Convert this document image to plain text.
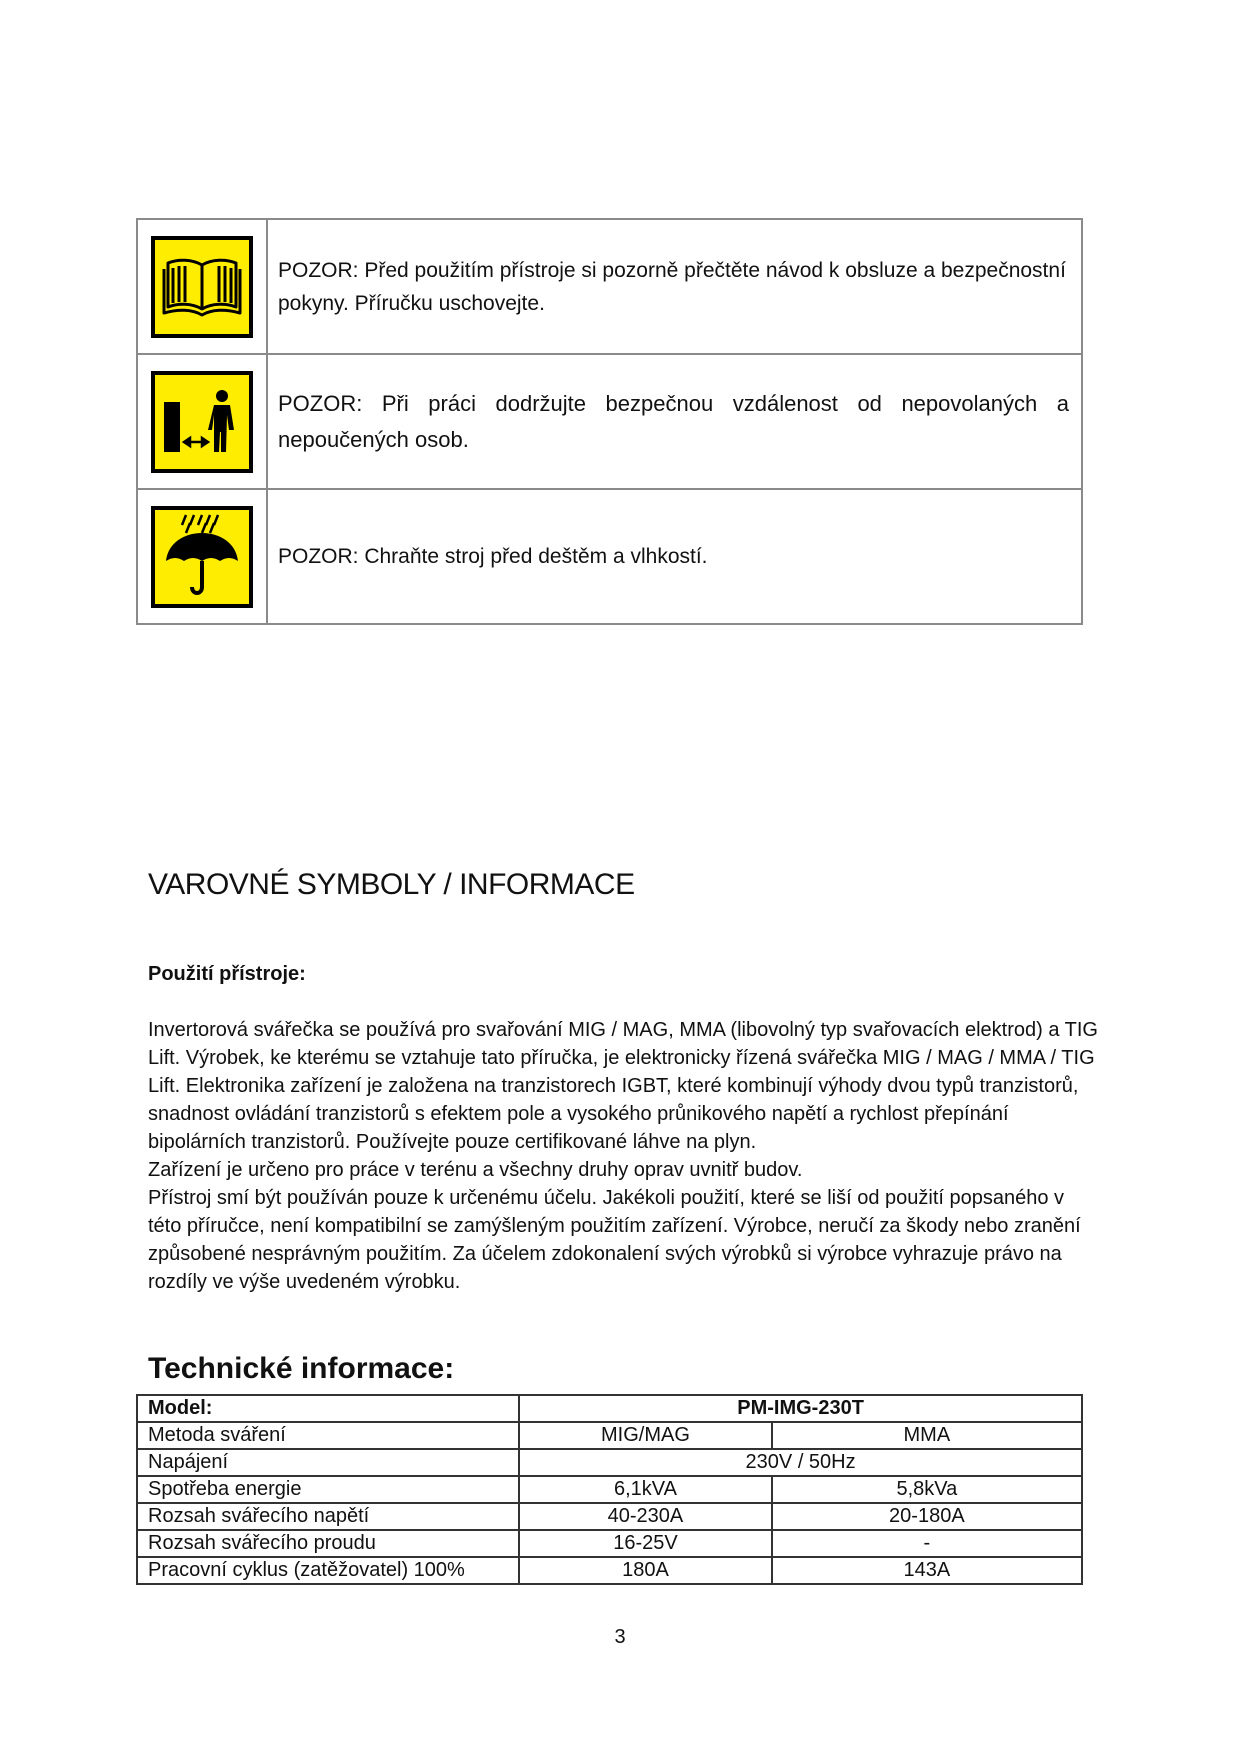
	POZOR: Před použitím přístroje si pozorně přečtěte návod k obsluze a bezpečnostní pokyny. Příručku uschovejte.

	POZOR: Při práci dodržujte bezpečnou vzdálenost od nepovolaných a nepoučených osob.

	POZOR: Chraňte stroj před deštěm a vlhkostí.
VAROVNÉ SYMBOLY / INFORMACE
Použití přístroje:

Invertorová svářečka se používá pro svařování MIG / MAG, MMA (libovolný typ svařovacích elektrod) a TIG Lift. Výrobek, ke kterému se vztahuje tato příručka, je elektronicky řízená svářečka MIG / MAG / MMA / TIG Lift. Elektronika zařízení je založena na tranzistorech IGBT, které kombinují výhody dvou typů tranzistorů, snadnost ovládání tranzistorů s efektem pole a vysokého průnikového napětí a rychlost přepínání bipolárních tranzistorů. Používejte pouze certifikované láhve na plyn.

Zařízení je určeno pro práce v terénu a všechny druhy oprav uvnitř budov.

Přístroj smí být používán pouze k určenému účelu. Jakékoli použití, které se liší od použití popsaného v této příručce, není kompatibilní se zamýšleným použitím zařízení. Výrobce, neručí za škody nebo zranění způsobené nesprávným použitím. Za účelem zdokonalení svých výrobků si výrobce vyhrazuje právo na rozdíly ve výše uvedeném výrobku.

Technické informace:
Model:	PM-IMG-230T	
Metoda sváření	MIG/MAG	MMA
Napájení	230V / 50Hz	
Spotřeba energie	6,1kVA	5,8kVa
Rozsah svářecího napětí	40-230A	20-180A
Rozsah svářecího proudu	16-25V	-
Pracovní cyklus (zatěžovatel) 100%	180A	143A
3
